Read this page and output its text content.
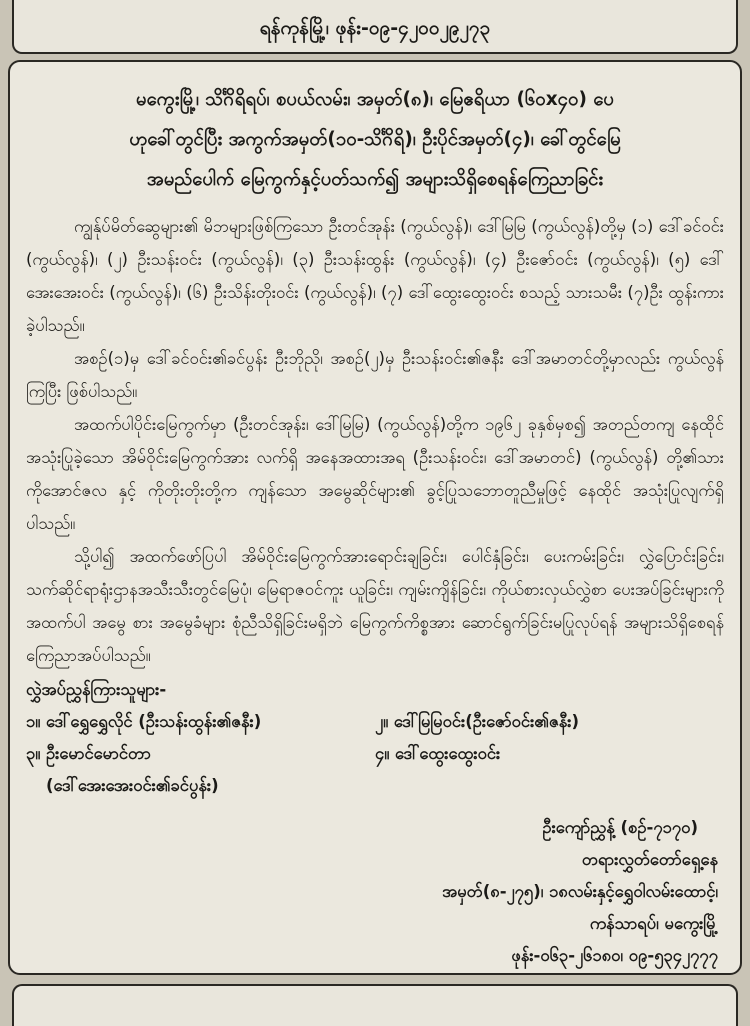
ရန်ကုန်မြို့၊ ဖုန်း-၀၉-၄၂၀၀၂၉၂၇၃
မကွေးမြို့၊ သိင်္ဂိရိရပ်၊ စပယ်လမ်း၊ အမှတ်(၈)၊ မြေဧရိယာ (၆၀x၄၀) ပေ
ဟုခေါ်တွင်ပြီး အကွက်အမှတ်(၁၀-သိင်္ဂိရိ)၊ ဦးပိုင်အမှတ်(၄)၊ ခေါ်တွင်မြေ
အမည်ပေါက် မြေကွက်နှင့်ပတ်သက်၍ အများသိရှိစေရန်ကြေညာခြင်း

ကျွန်ုပ်မိတ်ဆွေများ၏ မိဘများဖြစ်ကြသော ဦးတင်အုန်း (ကွယ်လွန်)၊ ဒေါ်မြမြ (ကွယ်လွန်)တို့မှ (၁) ဒေါ်ခင်ဝင်း (ကွယ်လွန်)၊ (၂) ဦးသန်းဝင်း (ကွယ်လွန်)၊ (၃) ဦးသန်းထွန်း (ကွယ်လွန်)၊ (၄) ဦးဇော်ဝင်း (ကွယ်လွန်)၊ (၅) ဒေါ်အေးအေးဝင်း (ကွယ်လွန်)၊ (၆) ဦးသိန်းတိုးဝင်း (ကွယ်လွန်)၊ (၇) ဒေါ်ထွေးထွေးဝင်း စသည့် သားသမီး (၇)ဦး ထွန်းကားခဲ့ပါသည်။

အစဉ်(၁)မှ ဒေါ်ခင်ဝင်း၏ခင်ပွန်း ဦးဘိုညို၊ အစဉ်(၂)မှ ဦးသန်းဝင်း၏ဇနီး ဒေါ်အမာတင်တို့မှာလည်း ကွယ်လွန်ကြပြီး ဖြစ်ပါသည်။

အထက်ပါပိုင်းမြေကွက်မှာ (ဦးတင်အုန်း၊ ဒေါ်မြမြ) (ကွယ်လွန်)တို့က ၁၉၆၂ ခုနှစ်မှစ၍ အတည်တကျ နေထိုင်အသုံးပြုခဲ့သော အိမ်ဝိုင်းမြေကွက်အား လက်ရှိ အနေအထားအရ (ဦးသန်းဝင်း၊ ဒေါ်အမာတင်) (ကွယ်လွန်) တို့၏သား ကိုအောင်ဇလ နှင့် ကိုတိုးတိုးတို့က ကျန်သော အမွေဆိုင်များ၏ ခွင့်ပြုသဘောတူညီမှုဖြင့် နေထိုင် အသုံးပြုလျက်ရှိပါသည်။

သို့ပါ၍ အထက်ဖော်ပြပါ အိမ်ဝိုင်းမြေကွက်အားရောင်းချခြင်း၊ ပေါင်နှံခြင်း၊ ပေးကမ်းခြင်း၊ လွှဲပြောင်းခြင်း၊ သက်ဆိုင်ရာရုံးဌာနအသီးသီးတွင်မြေပုံ၊ မြေရာဇဝင်ကူး ယူခြင်း၊ ကျမ်းကျိန်ခြင်း၊ ကိုယ်စားလှယ်လွှဲစာ ပေးအပ်ခြင်းများကို အထက်ပါ အမွေ စား အမွေခံများ စုံညီသိရှိခြင်းမရှိဘဲ မြေကွက်ကိစ္စအား ဆောင်ရွက်ခြင်းမပြုလုပ်ရန် အများသိရှိစေရန်ကြေညာအပ်ပါသည်။

လွှဲအပ်ညွှန်ကြားသူများ-
၁။ ဒေါ်ရွှေရွှေလိုင် (ဦးသန်းထွန်း၏ဇနီး)	၂။ ဒေါ်မြမြဝင်း(ဦးဇော်ဝင်း၏ဇနီး)
၃။ ဦးမောင်မောင်တာ	၄။ ဒေါ်ထွေးထွေးဝင်း
(ဒေါ်အေးအေးဝင်း၏ခင်ပွန်း)
ဦးကျော်ညွှန့် (စဉ်-၇၁၇၀)
တရားလွှတ်တော်ရှေ့နေ
အမှတ်(၈-၂၇၅)၊ ၁၈လမ်းနှင့်ရွှေဝါလမ်းထောင့်၊
ကန်သာရပ်၊ မကွေးမြို့
ဖုန်း-၀၆၃-၂၆၁၈၀၊ ၀၉-၅၃၄၂၇၇၇
